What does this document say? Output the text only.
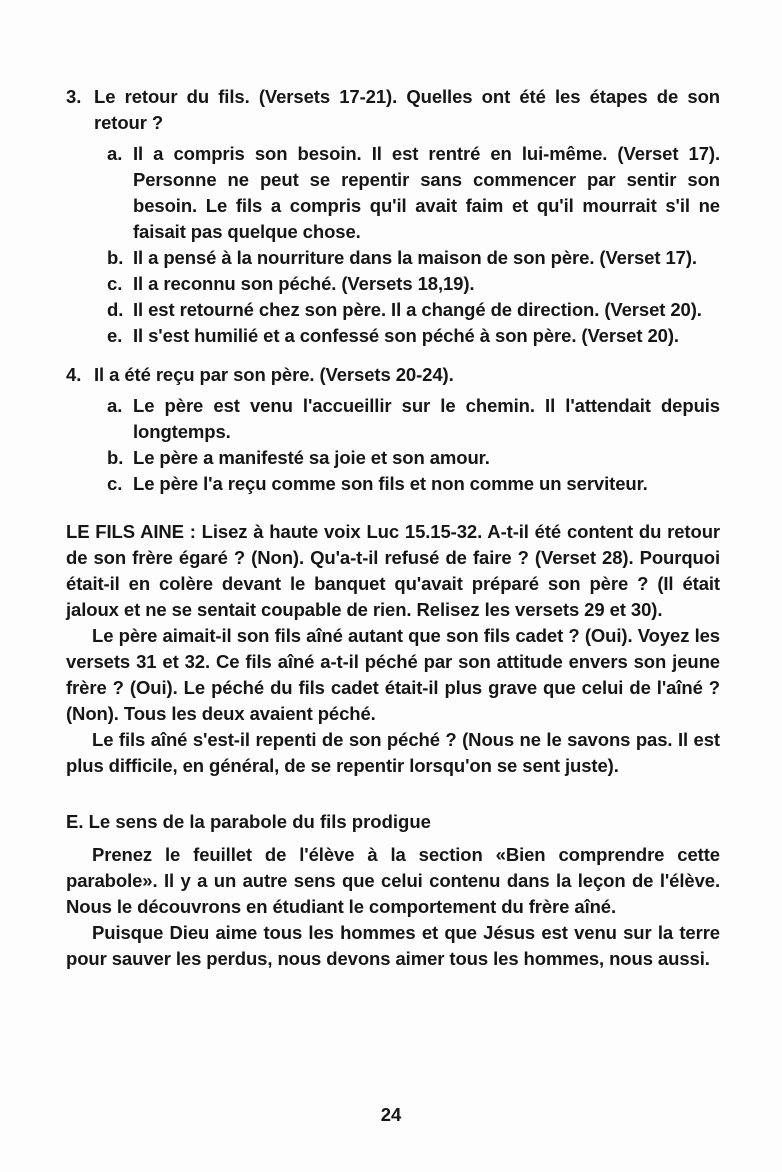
3. Le retour du fils. (Versets 17-21). Quelles ont été les étapes de son retour ?

a. Il a compris son besoin. Il est rentré en lui-même. (Verset 17). Personne ne peut se repentir sans commencer par sentir son besoin. Le fils a compris qu'il avait faim et qu'il mourrait s'il ne faisait pas quelque chose.

b. Il a pensé à la nourriture dans la maison de son père. (Verset 17).

c. Il a reconnu son péché. (Versets 18,19).

d. Il est retourné chez son père. Il a changé de direction. (Verset 20).

e. Il s'est humilié et a confessé son péché à son père. (Verset 20).

4. Il a été reçu par son père. (Versets 20-24).

a. Le père est venu l'accueillir sur le chemin. Il l'attendait depuis longtemps.

b. Le père a manifesté sa joie et son amour.

c. Le père l'a reçu comme son fils et non comme un serviteur.

LE FILS AINE : Lisez à haute voix Luc 15.15-32. A-t-il été content du retour de son frère égaré ? (Non). Qu'a-t-il refusé de faire ? (Verset 28). Pourquoi était-il en colère devant le banquet qu'avait préparé son père ? (Il était jaloux et ne se sentait coupable de rien. Relisez les versets 29 et 30).

Le père aimait-il son fils aîné autant que son fils cadet ? (Oui). Voyez les versets 31 et 32. Ce fils aîné a-t-il péché par son attitude envers son jeune frère ? (Oui). Le péché du fils cadet était-il plus grave que celui de l'aîné ? (Non). Tous les deux avaient péché.

Le fils aîné s'est-il repenti de son péché ? (Nous ne le savons pas. Il est plus difficile, en général, de se repentir lorsqu'on se sent juste).

E. Le sens de la parabole du fils prodigue

Prenez le feuillet de l'élève à la section «Bien comprendre cette parabole». Il y a un autre sens que celui contenu dans la leçon de l'élève. Nous le découvrons en étudiant le comportement du frère aîné.

Puisque Dieu aime tous les hommes et que Jésus est venu sur la terre pour sauver les perdus, nous devons aimer tous les hommes, nous aussi.

24
